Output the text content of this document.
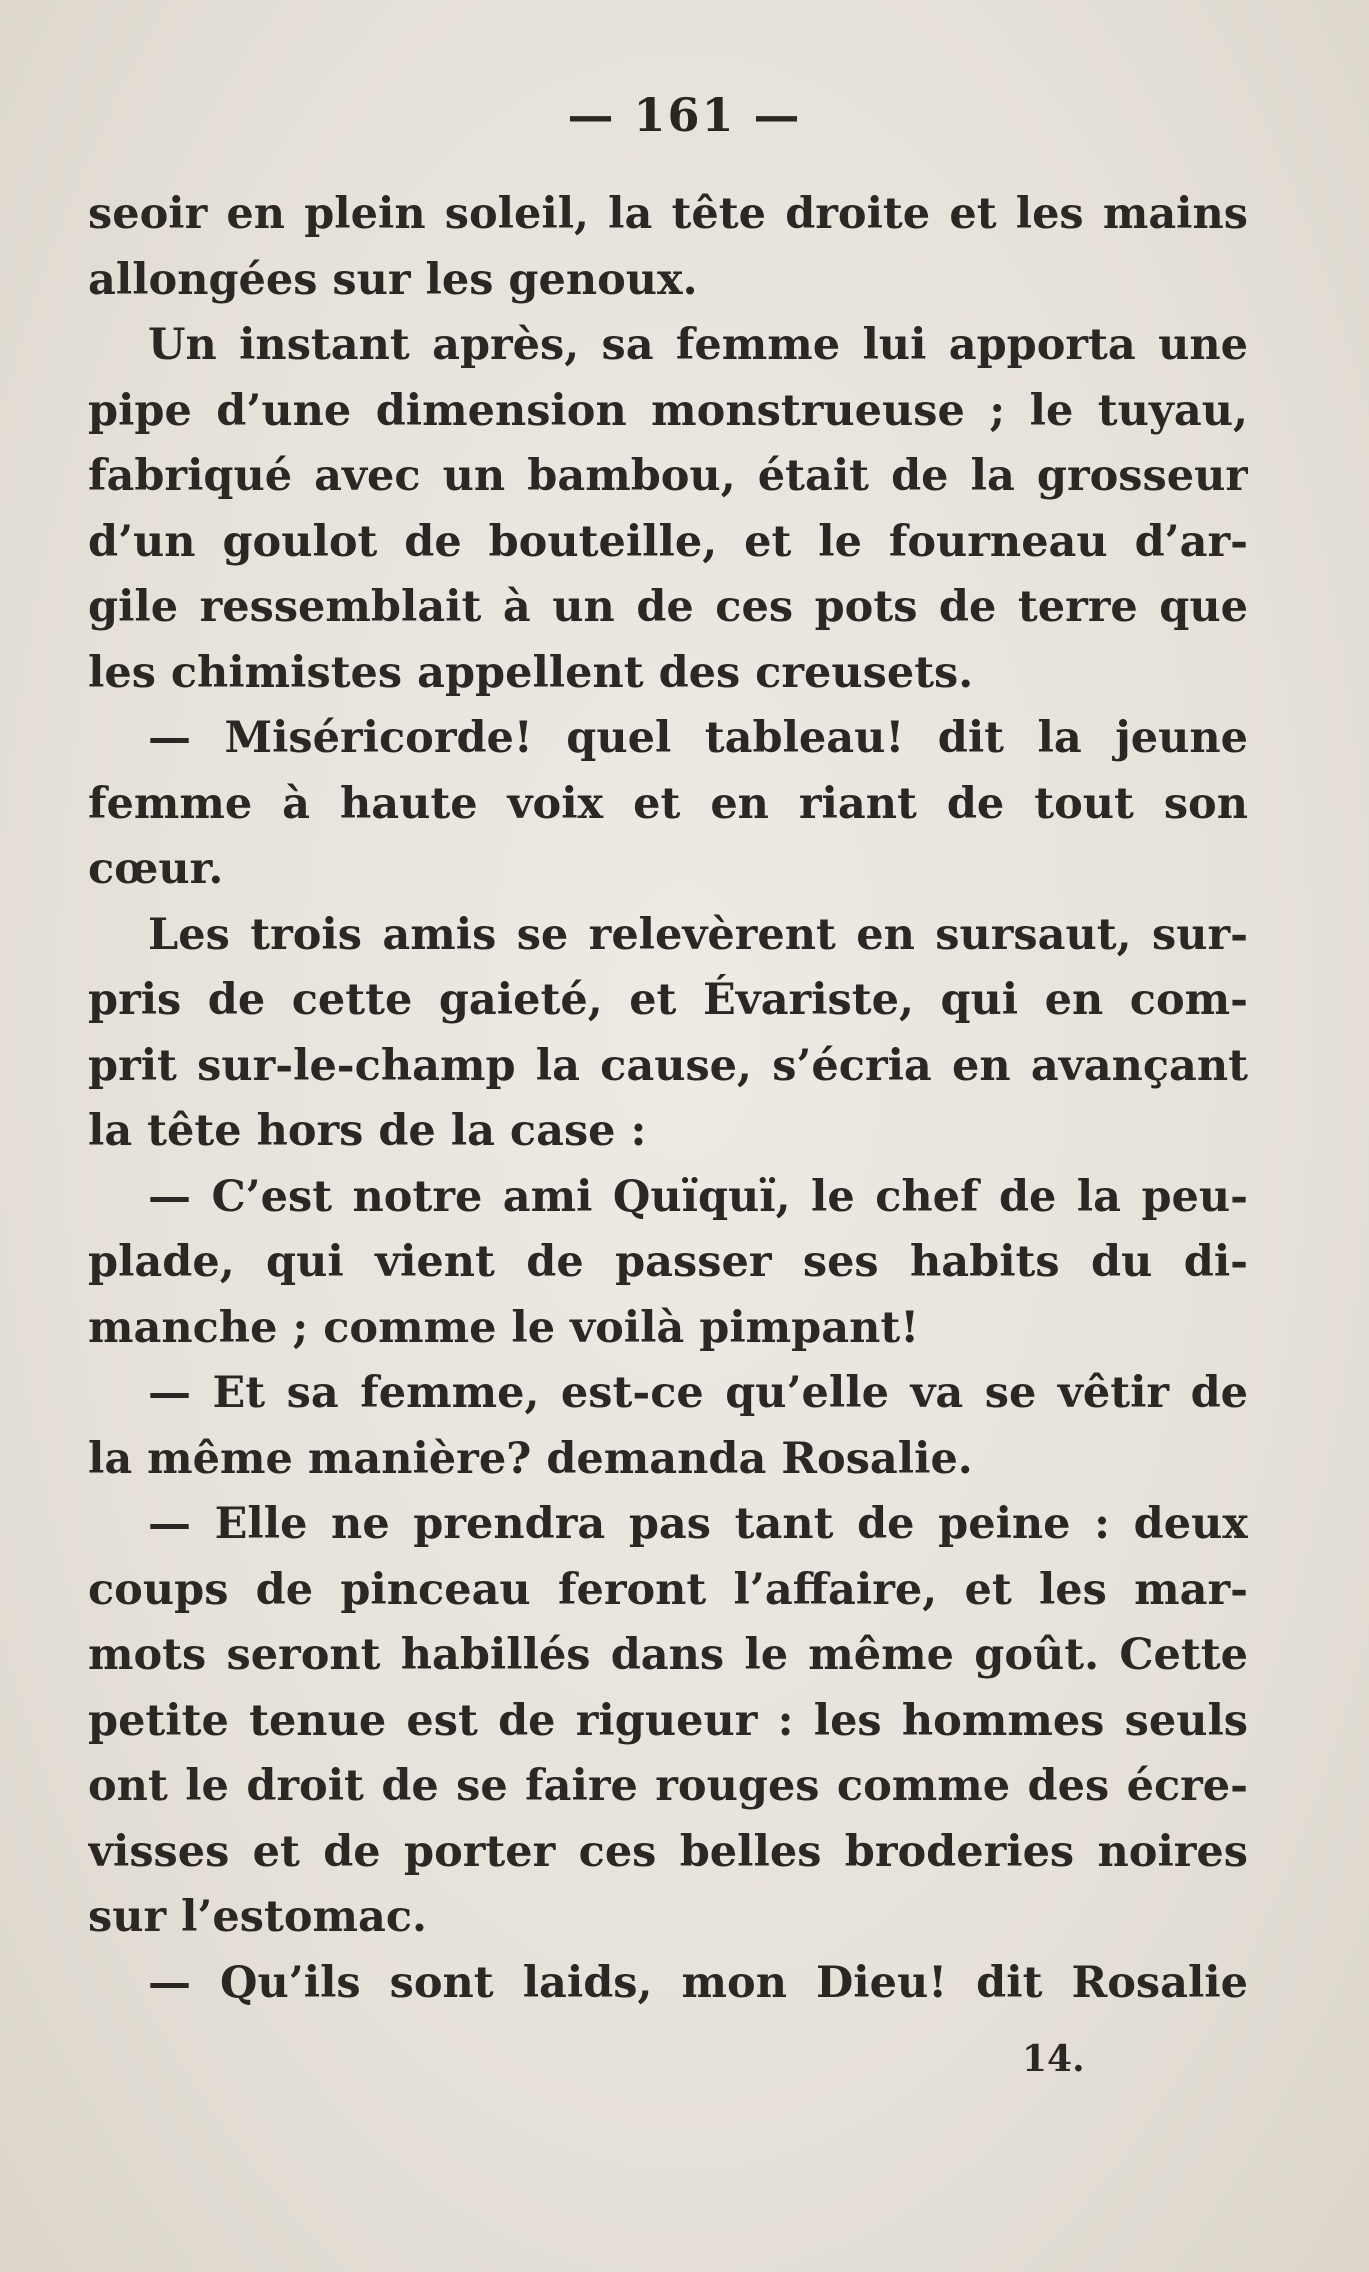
— 161 —
seoir en plein soleil, la tête droite et les mains
allongées sur les genoux.
Un instant après, sa femme lui apporta une
pipe d’une dimension monstrueuse ; le tuyau,
fabriqué avec un bambou, était de la grosseur
d’un goulot de bouteille, et le fourneau d’ar-
gile ressemblait à un de ces pots de terre que
les chimistes appellent des creusets.
— Miséricorde! quel tableau! dit la jeune
femme à haute voix et en riant de tout son
cœur.
Les trois amis se relevèrent en sursaut, sur-
pris de cette gaieté, et Évariste, qui en com-
prit sur-le-champ la cause, s’écria en avançant
la tête hors de la case :
— C’est notre ami Quïquï, le chef de la peu-
plade, qui vient de passer ses habits du di-
manche ; comme le voilà pimpant!
— Et sa femme, est-ce qu’elle va se vêtir de
la même manière? demanda Rosalie.
— Elle ne prendra pas tant de peine : deux
coups de pinceau feront l’affaire, et les mar-
mots seront habillés dans le même goût. Cette
petite tenue est de rigueur : les hommes seuls
ont le droit de se faire rouges comme des écre-
visses et de porter ces belles broderies noires
sur l’estomac.
— Qu’ils sont laids, mon Dieu! dit Rosalie
14.
